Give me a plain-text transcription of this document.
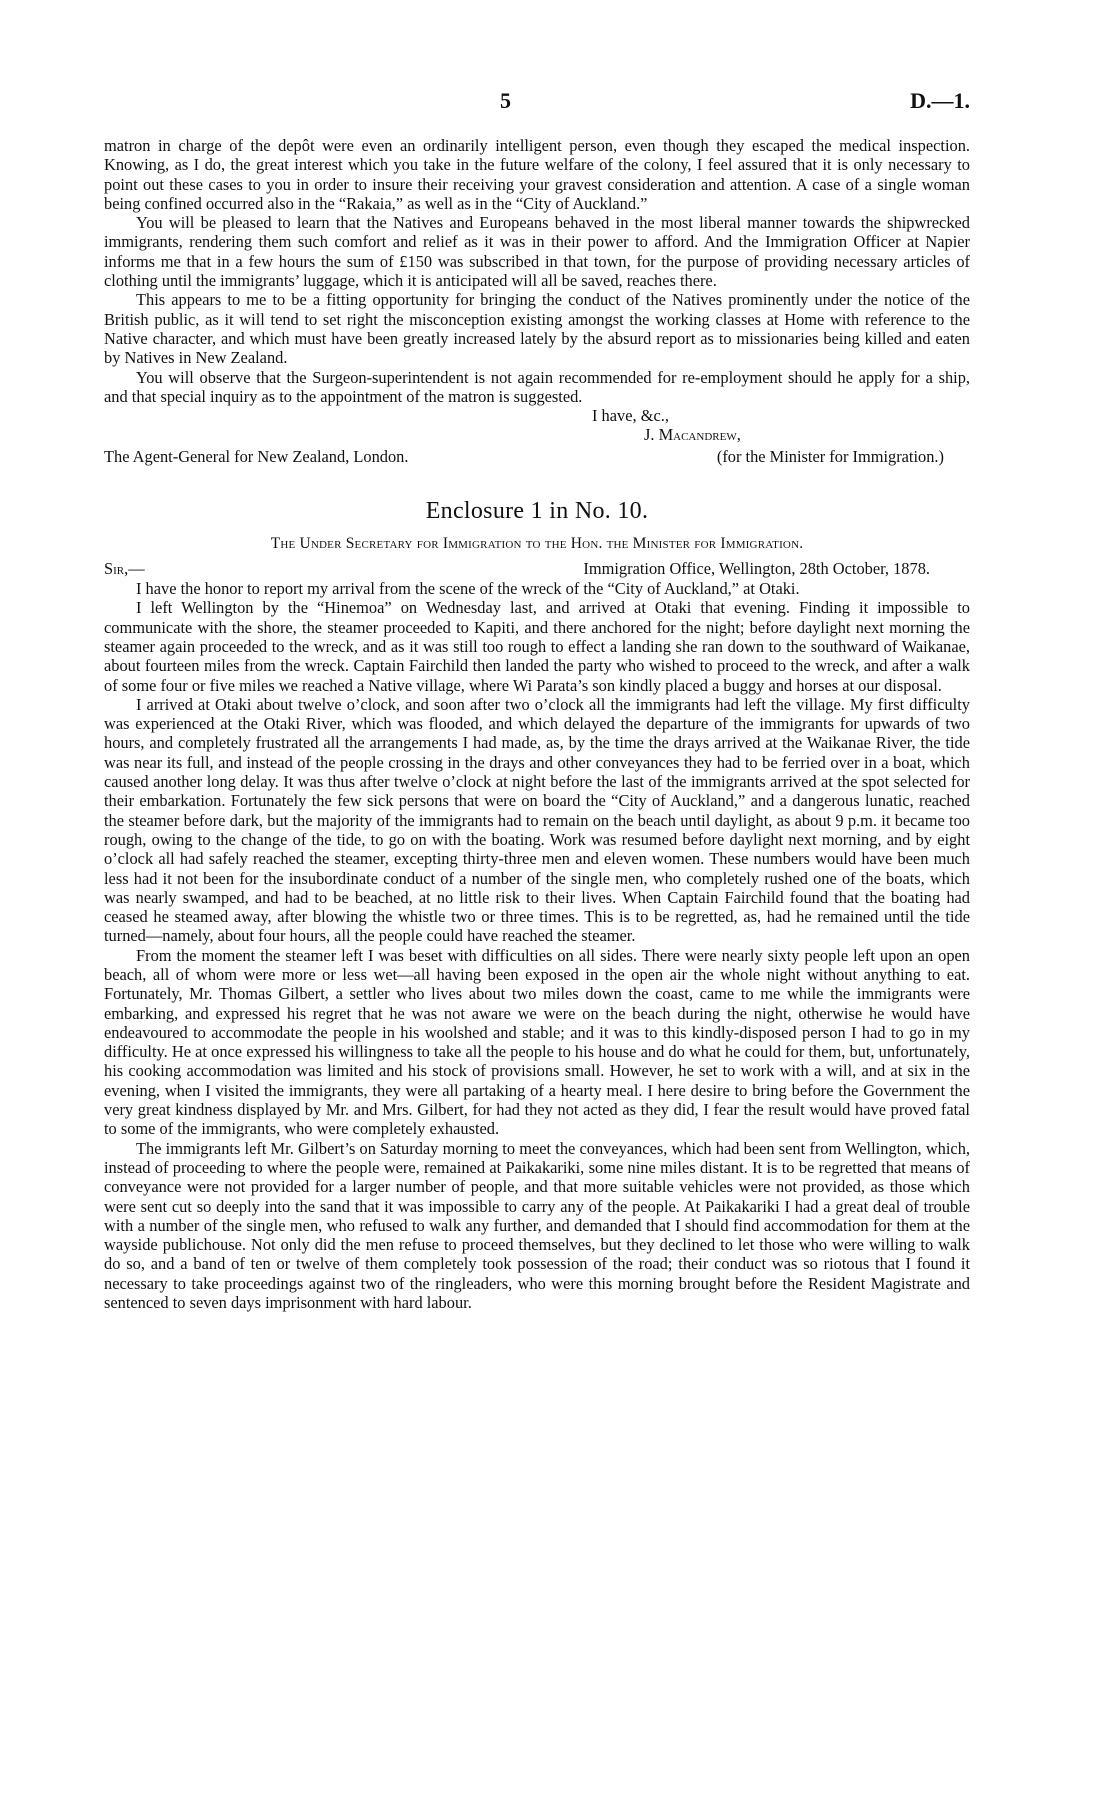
5	D.—1.

matron in charge of the depôt were even an ordinarily intelligent person, even though they escaped the medical inspection. Knowing, as I do, the great interest which you take in the future welfare of the colony, I feel assured that it is only necessary to point out these cases to you in order to insure their receiving your gravest consideration and attention. A case of a single woman being confined occurred also in the “Rakaia,” as well as in the “City of Auckland.”

You will be pleased to learn that the Natives and Europeans behaved in the most liberal manner towards the shipwrecked immigrants, rendering them such comfort and relief as it was in their power to afford. And the Immigration Officer at Napier informs me that in a few hours the sum of £150 was subscribed in that town, for the purpose of providing necessary articles of clothing until the immigrants’ luggage, which it is anticipated will all be saved, reaches there.

This appears to me to be a fitting opportunity for bringing the conduct of the Natives prominently under the notice of the British public, as it will tend to set right the misconception existing amongst the working classes at Home with reference to the Native character, and which must have been greatly increased lately by the absurd report as to missionaries being killed and eaten by Natives in New Zealand.

You will observe that the Surgeon-superintendent is not again recommended for re-employment should he apply for a ship, and that special inquiry as to the appointment of the matron is suggested.

I have, &c.,
J. Macandrew,
The Agent-General for New Zealand, London.	(for the Minister for Immigration.)
Enclosure 1 in No. 10.
The Under Secretary for Immigration to the Hon. the Minister for Immigration.
Sir,—	Immigration Office, Wellington, 28th October, 1878.

I have the honor to report my arrival from the scene of the wreck of the “City of Auckland,” at Otaki.

I left Wellington by the “Hinemoa” on Wednesday last, and arrived at Otaki that evening. Finding it impossible to communicate with the shore, the steamer proceeded to Kapiti, and there anchored for the night; before daylight next morning the steamer again proceeded to the wreck, and as it was still too rough to effect a landing she ran down to the southward of Waikanae, about fourteen miles from the wreck. Captain Fairchild then landed the party who wished to proceed to the wreck, and after a walk of some four or five miles we reached a Native village, where Wi Parata’s son kindly placed a buggy and horses at our disposal.

I arrived at Otaki about twelve o’clock, and soon after two o’clock all the immigrants had left the village. My first difficulty was experienced at the Otaki River, which was flooded, and which delayed the departure of the immigrants for upwards of two hours, and completely frustrated all the arrangements I had made, as, by the time the drays arrived at the Waikanae River, the tide was near its full, and instead of the people crossing in the drays and other conveyances they had to be ferried over in a boat, which caused another long delay. It was thus after twelve o’clock at night before the last of the immigrants arrived at the spot selected for their embarkation. Fortunately the few sick persons that were on board the “City of Auckland,” and a dangerous lunatic, reached the steamer before dark, but the majority of the immigrants had to remain on the beach until daylight, as about 9 p.m. it became too rough, owing to the change of the tide, to go on with the boating. Work was resumed before daylight next morning, and by eight o’clock all had safely reached the steamer, excepting thirty-three men and eleven women. These numbers would have been much less had it not been for the insubordinate conduct of a number of the single men, who completely rushed one of the boats, which was nearly swamped, and had to be beached, at no little risk to their lives. When Captain Fairchild found that the boating had ceased he steamed away, after blowing the whistle two or three times. This is to be regretted, as, had he remained until the tide turned—namely, about four hours, all the people could have reached the steamer.

From the moment the steamer left I was beset with difficulties on all sides. There were nearly sixty people left upon an open beach, all of whom were more or less wet—all having been exposed in the open air the whole night without anything to eat. Fortunately, Mr. Thomas Gilbert, a settler who lives about two miles down the coast, came to me while the immigrants were embarking, and expressed his regret that he was not aware we were on the beach during the night, otherwise he would have endeavoured to accommodate the people in his woolshed and stable; and it was to this kindly-disposed person I had to go in my difficulty. He at once expressed his willingness to take all the people to his house and do what he could for them, but, unfortunately, his cooking accommodation was limited and his stock of provisions small. However, he set to work with a will, and at six in the evening, when I visited the immigrants, they were all partaking of a hearty meal. I here desire to bring before the Government the very great kindness displayed by Mr. and Mrs. Gilbert, for had they not acted as they did, I fear the result would have proved fatal to some of the immigrants, who were completely exhausted.

The immigrants left Mr. Gilbert’s on Saturday morning to meet the conveyances, which had been sent from Wellington, which, instead of proceeding to where the people were, remained at Paikakariki, some nine miles distant. It is to be regretted that means of conveyance were not provided for a larger number of people, and that more suitable vehicles were not provided, as those which were sent cut so deeply into the sand that it was impossible to carry any of the people. At Paikakariki I had a great deal of trouble with a number of the single men, who refused to walk any further, and demanded that I should find accommodation for them at the wayside publichouse. Not only did the men refuse to proceed themselves, but they declined to let those who were willing to walk do so, and a band of ten or twelve of them completely took possession of the road; their conduct was so riotous that I found it necessary to take proceedings against two of the ringleaders, who were this morning brought before the Resident Magistrate and sentenced to seven days imprisonment with hard labour.
